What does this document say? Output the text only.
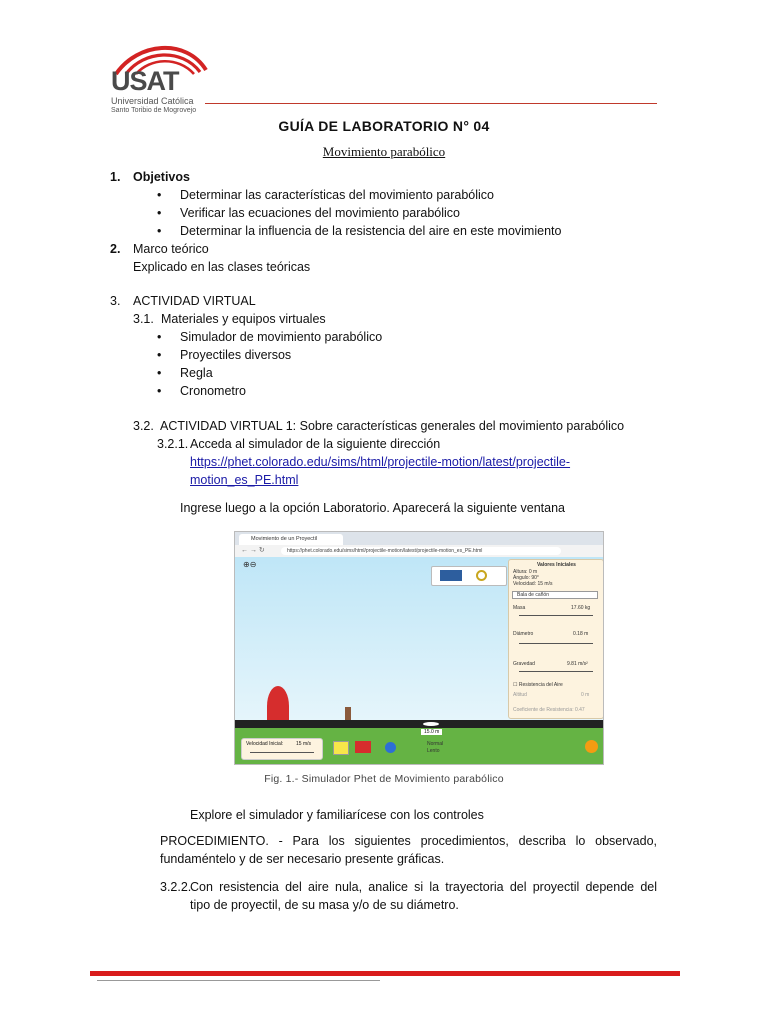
USAT
Universidad Católica
Santo Toribio de Mogrovejo
GUÍA DE LABORATORIO N° 04
Movimiento parabólico
1. Objetivos
• Determinar las características del movimiento parabólico
• Verificar las ecuaciones del movimiento parabólico
• Determinar la influencia de la resistencia del aire en este movimiento
2. Marco teórico
Explicado en las clases teóricas
3. ACTIVIDAD VIRTUAL
3.1. Materiales y equipos virtuales
• Simulador de movimiento parabólico
• Proyectiles diversos
• Regla
• Cronometro
3.2. ACTIVIDAD VIRTUAL 1: Sobre características generales del movimiento parabólico
3.2.1. Acceda al simulador de la siguiente dirección
https://phet.colorado.edu/sims/html/projectile-motion/latest/projectile-
motion_es_PE.html
Ingrese luego a la opción Laboratorio. Aparecerá la siguiente ventana
Movimiento de un Proyectil
← → ↻	https://phet.colorado.edu/sims/html/projectile-motion/latest/projectile-motion_es_PE.html
⊕⊖
15.0 m
Valores Iniciales
Altura: 0 m
Ángulo: 90°
Velocidad: 15 m/s
Bala de cañón
Masa	17.60 kg
Diámetro	0.18 m
Gravedad	9.81 m/s²
☐ Resistencia del Aire
Altitud	0 m
Coeficiente de Resistencia: 0.47
Velocidad Inicial:	15 m/s	Normal
Lento
Fig. 1.- Simulador Phet de Movimiento parabólico
Explore el simulador y familiarícese con los controles
PROCEDIMIENTO. - Para los siguientes procedimientos, describa lo observado,
fundaméntelo y de ser necesario presente gráficas.
3.2.2.
Con resistencia del aire nula, analice si la trayectoria del proyectil depende del
tipo de proyectil, de su masa y/o de su diámetro.
